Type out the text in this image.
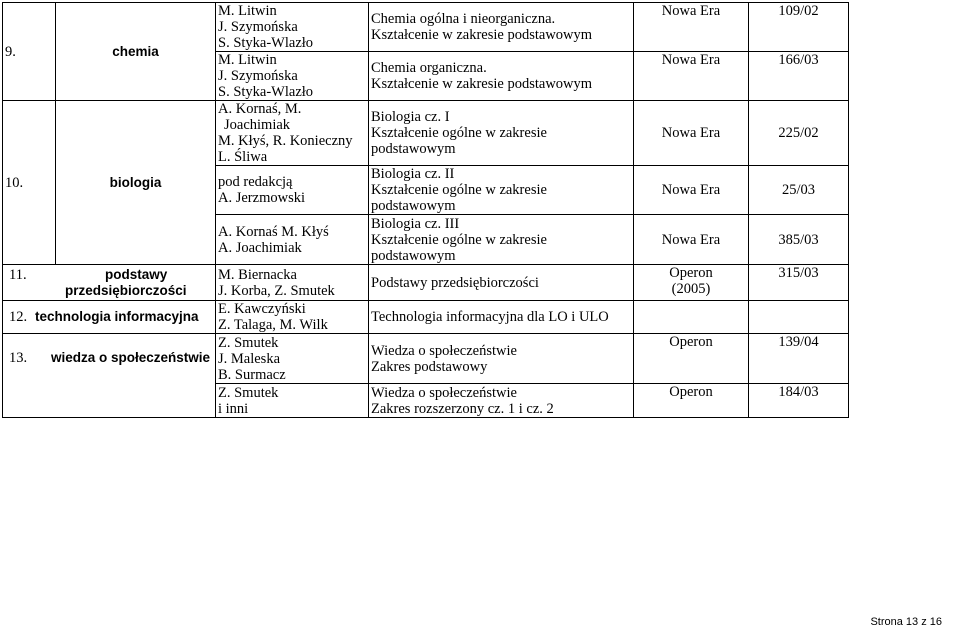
9.	chemia	M. Litwin
J. Szymońska
S. Styka-Wlazło	Chemia ogólna i nieorganiczna.
Kształcenie w zakresie podstawowym	Nowa Era	109/02

		M. Litwin
J. Szymońska
S. Styka-Wlazło	Chemia organiczna.
Kształcenie w zakresie podstawowym	Nowa Era	166/03
10.	biologia	A. Kornaś, M.
Joachimiak
M. Kłyś, R. Konieczny
L. Śliwa	Biologia cz. I
Kształcenie ogólne w zakresie
podstawowym	Nowa Era	225/02

		pod redakcją
A. Jerzmowski	Biologia cz. II
Kształcenie ogólne w zakresie
podstawowym	Nowa Era	25/03

		A. Kornaś M. Kłyś
A. Joachimiak	Biologia cz. III
Kształcenie ogólne w zakresie
podstawowym	Nowa Era	385/03

11. podstawy
przedsiębiorczości		M. Biernacka
J. Korba, Z. Smutek	Podstawy przedsiębiorczości	Operon
(2005)	315/03

12. technologia informacyjna		E. Kawczyński
Z. Talaga, M. Wilk	Technologia informacyjna dla LO i ULO		

13. wiedza o społeczeństwie		Z. Smutek
J. Maleska
B. Surmacz	Wiedza o społeczeństwie
Zakres podstawowy	Operon	139/04

		Z. Smutek
i inni	Wiedza o społeczeństwie
Zakres rozszerzony cz. 1 i cz. 2	Operon	184/03
Strona 13 z 16
